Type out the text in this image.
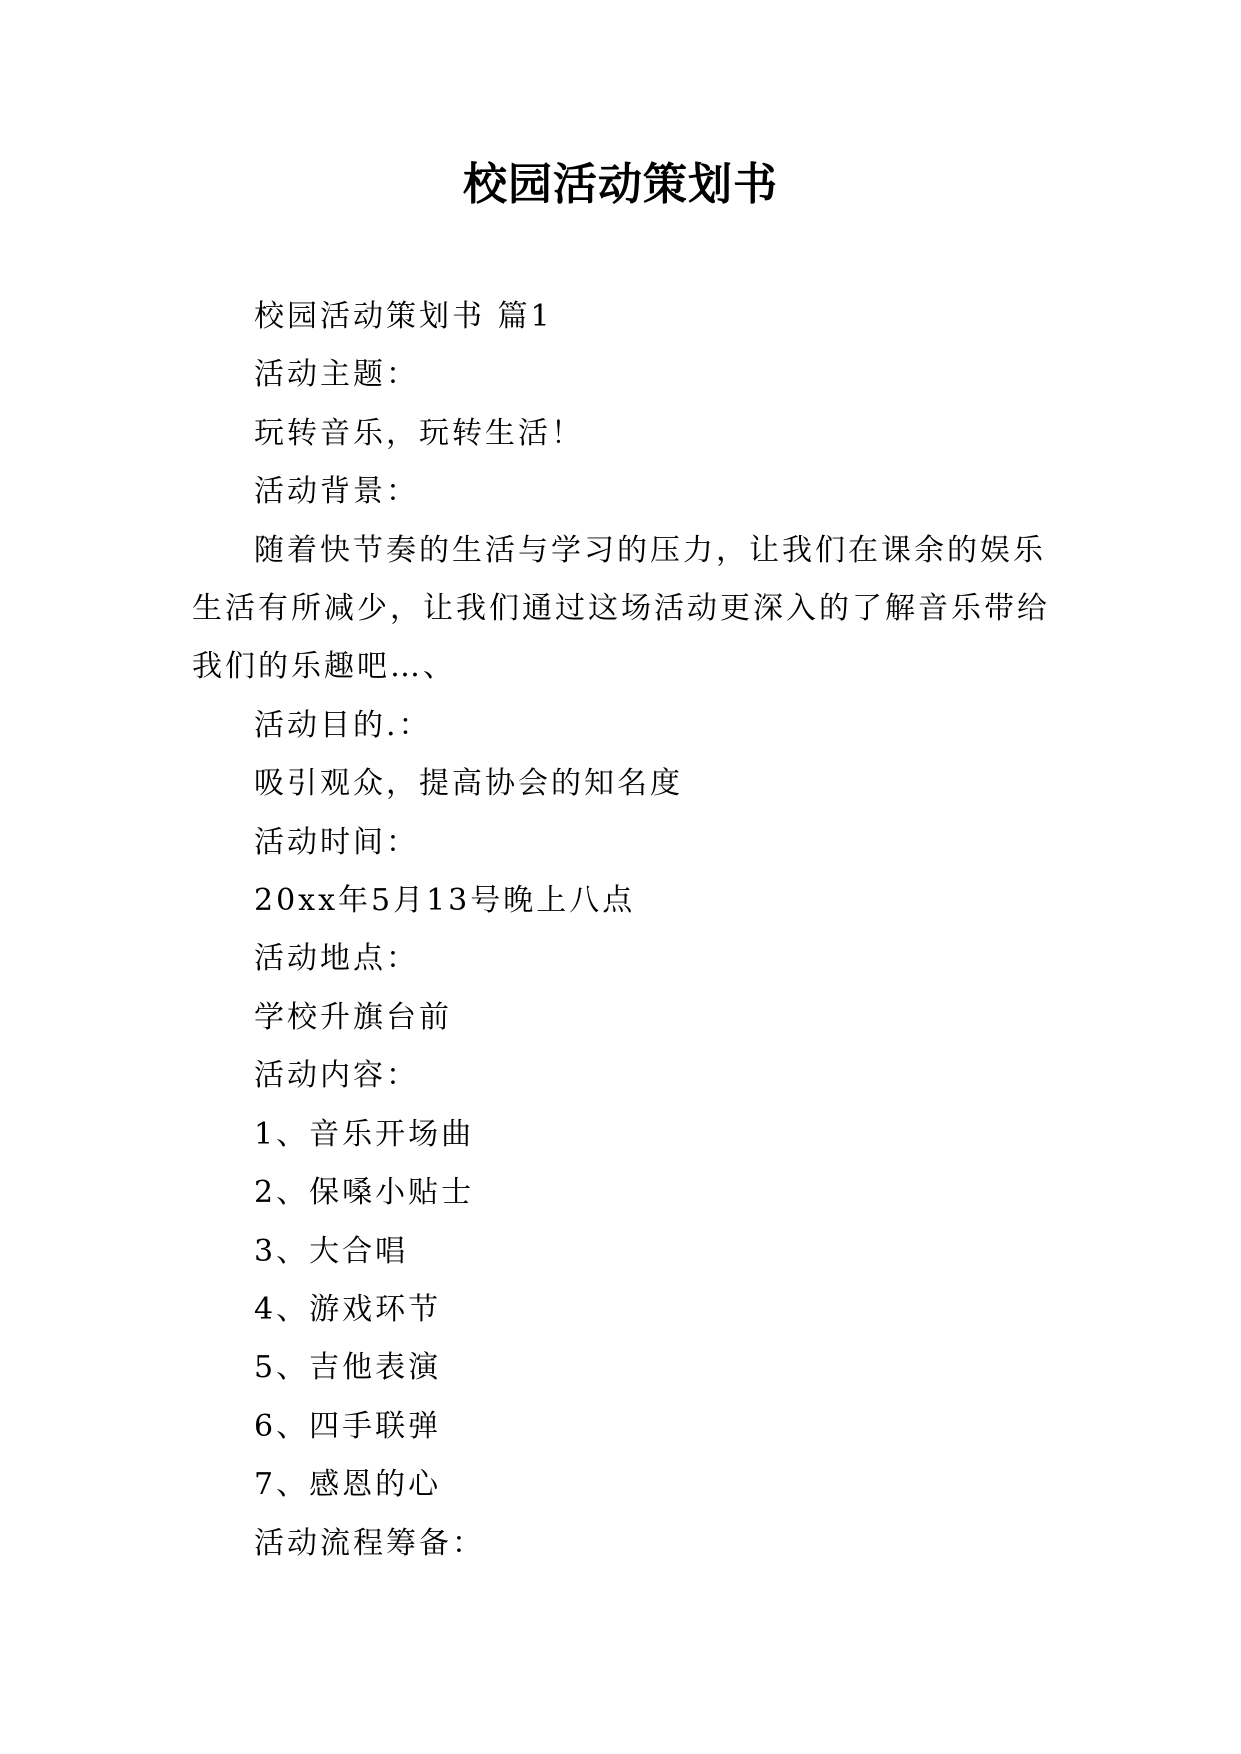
校园活动策划书

校园活动策划书 篇1

活动主题：

玩转音乐，玩转生活！

活动背景：

随着快节奏的生活与学习的压力，让我们在课余的娱乐生活有所减少，让我们通过这场活动更深入的了解音乐带给我们的乐趣吧…、

活动目的.：

吸引观众，提高协会的知名度

活动时间：

20xx年5月13号晚上八点

活动地点：

学校升旗台前

活动内容：

1、音乐开场曲

2、保嗓小贴士

3、大合唱

4、游戏环节

5、吉他表演

6、四手联弹

7、感恩的心

活动流程筹备：
